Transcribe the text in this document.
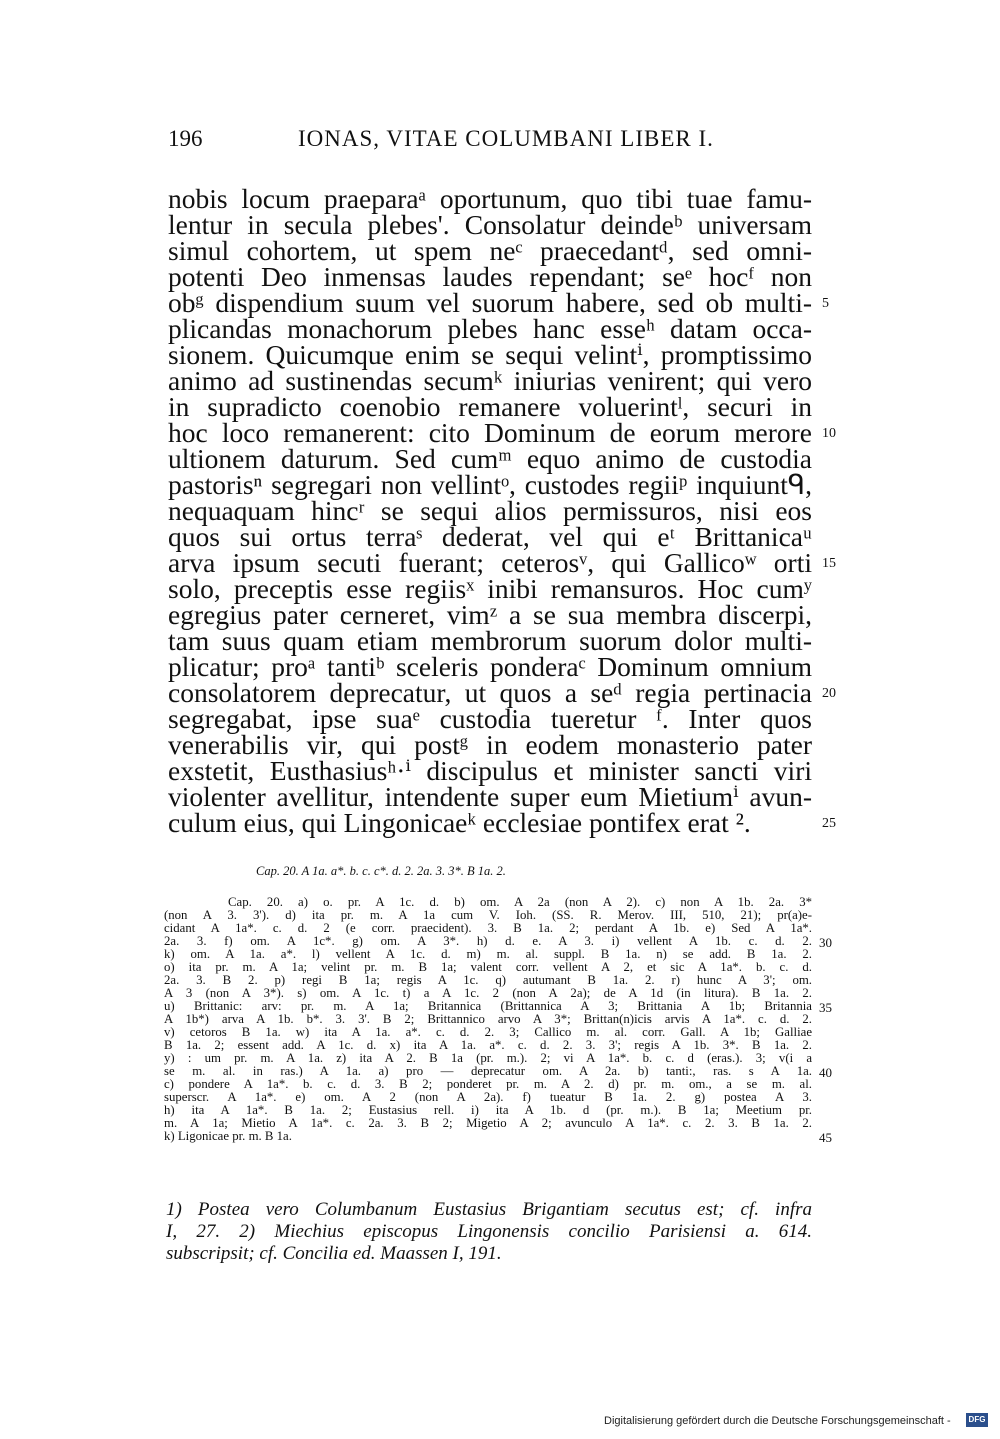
196	IONAS, VITAE COLUMBANI LIBER I.
nobis locum praeparaᵃ oportunum, quo tibi tuae famu-
lentur in secula plebes'. Consolatur deindeᵇ universam
simul cohortem, ut spem neᶜ praecedantᵈ, sed omni-
potenti Deo inmensas laudes rependant; seᵉ hocᶠ non
obᵍ dispendium suum vel suorum habere, sed ob multi-
plicandas monachorum plebes hanc esseʰ datam occa-
sionem. Quicumque enim se sequi velintⁱ, promptissimo
animo ad sustinendas secumᵏ iniurias venirent; qui vero
in supradicto coenobio remanere voluerintˡ, securi in
hoc loco remanerent: cito Dominum de eorum merore
ultionem daturum. Sed cumᵐ equo animo de custodia
pastorisⁿ segregari non vellintᵒ, custodes regiiᵖ inquiuntᑫ,
nequaquam hincʳ se sequi alios permissuros, nisi eos
quos sui ortus terraˢ dederat, vel qui eᵗ Brittanicaᵘ
arva ipsum secuti fuerant; ceterosᵛ, qui Gallicoʷ orti
solo, preceptis esse regiisˣ inibi remansuros. Hoc cumʸ
egregius pater cerneret, vimᶻ a se sua membra discerpi,
tam suus quam etiam membrorum suorum dolor multi-
plicatur; proᵃ tantiᵇ sceleris ponderaᶜ Dominum omnium
consolatorem deprecatur, ut quos a seᵈ regia pertinacia
segregabat, ipse suaᵉ custodia tueretur ᶠ. Inter quos
venerabilis vir, qui postᵍ in eodem monasterio pater
exstetit, Eusthasiusʰ·ⁱ discipulus et minister sancti viri
violenter avellitur, intendente super eum Mietiumⁱ avun-
culum eius, qui Lingonicaeᵏ ecclesiae pontifex erat ².
5
10
15
20
25
Cap. 20. A 1a. a*. b. c. c*. d. 2. 2a. 3. 3*. B 1a. 2.
Cap. 20. a) o. pr. A 1c. d. b) om. A 2a (non A 2). c) non A 1b. 2a. 3*
(non A 3. 3'). d) ita pr. m. A 1a cum V. Ioh. (SS. R. Merov. III, 510, 21); pr(a)e-
cidant A 1a*. c. d. 2 (e corr. praecident). 3. B 1a. 2; perdant A 1b. e) Sed A 1a*.
2a. 3. f) om. A 1c*. g) om. A 3*. h) d. e. A 3. i) vellent A 1b. c. d. 2.
k) om. A 1a. a*. l) vellent A 1c. d. m) m. al. suppl. B 1a. n) se add. B 1a. 2.
o) ita pr. m. A 1a; velint pr. m. B 1a; valent corr. vellent A 2, et sic A 1a*. b. c. d.
2a. 3. B 2. p) regi B 1a; regis A 1c. q) autumant B 1a. 2. r) hunc A 3'; om.
A 3 (non A 3*). s) om. A 1c. t) a A 1c. 2 (non A 2a); de A 1d (in litura). B 1a. 2.
u) Brittanic: arv: pr. m. A 1a; Britannica (Brittannica A 3; Brittania A 1b; Britannia
A 1b*) arva A 1b. b*. 3. 3'. B 2; Brittannico arvo A 3*; Brittan(n)icis arvis A 1a*. c. d. 2.
v) cetoros B 1a. w) ita A 1a. a*. c. d. 2. 3; Callico m. al. corr. Gall. A 1b; Galliae
B 1a. 2; essent add. A 1c. d. x) ita A 1a. a*. c. d. 2. 3. 3'; regis A 1b. 3*. B 1a. 2.
y) : um pr. m. A 1a. z) ita A 2. B 1a (pr. m.). 2; vi A 1a*. b. c. d (eras.). 3; v(i a
se m. al. in ras.) A 1a. a) pro — deprecatur om. A 2a. b) tanti:, ras. s A 1a.
c) pondere A 1a*. b. c. d. 3. B 2; ponderet pr. m. A 2. d) pr. m. om., a se m. al.
superscr. A 1a*. e) om. A 2 (non A 2a). f) tueatur B 1a. 2. g) postea A 3.
h) ita A 1a*. B 1a. 2; Eustasius rell. i) ita A 1b. d (pr. m.). B 1a; Meetium pr.
m. A 1a; Mietio A 1a*. c. 2a. 3. B 2; Migetio A 2; avunculo A 1a*. c. 2. 3. B 1a. 2.
k) Ligonicae pr. m. B 1a.
30
35
40
45
1) Postea vero Columbanum Eustasius Brigantiam secutus est; cf. infra
I, 27. 2) Miechius episcopus Lingonensis concilio Parisiensi a. 614.
subscripsit; cf. Concilia ed. Maassen I, 191.
Digitalisierung gefördert durch die Deutsche Forschungsgemeinschaft -	DFG
